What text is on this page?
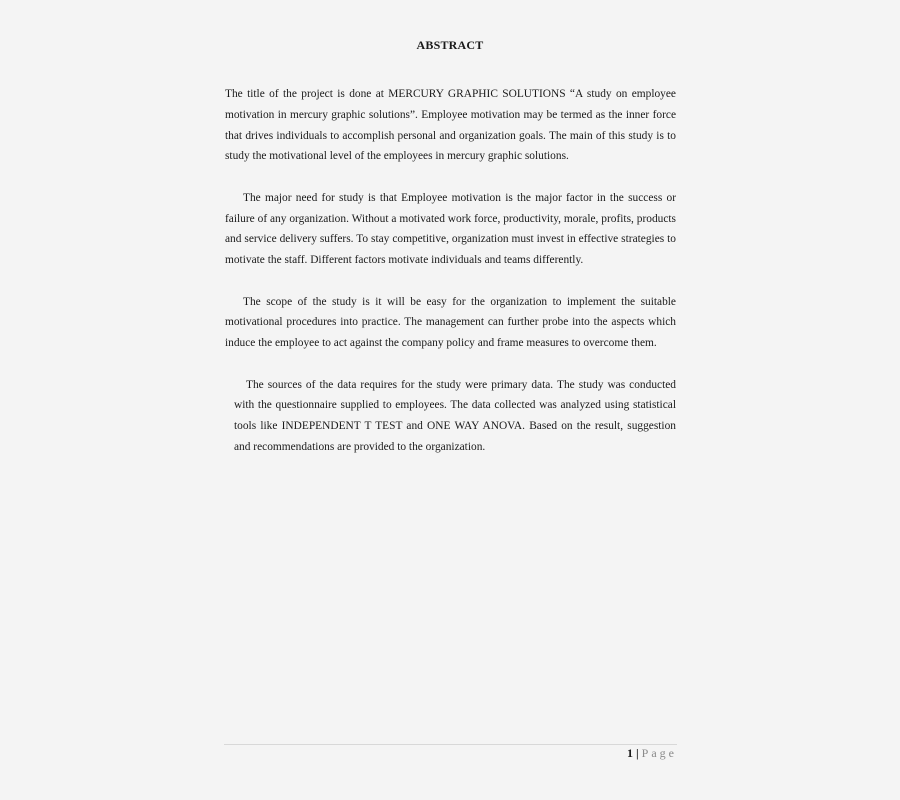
ABSTRACT

The title of the project is done at MERCURY GRAPHIC SOLUTIONS “A study on employee motivation in mercury graphic solutions”. Employee motivation may be termed as the inner force that drives individuals to accomplish personal and organization goals. The main of this study is to study the motivational level of the employees in mercury graphic solutions.

The major need for study is that Employee motivation is the major factor in the success or failure of any organization. Without a motivated work force, productivity, morale, profits, products and service delivery suffers. To stay competitive, organization must invest in effective strategies to motivate the staff. Different factors motivate individuals and teams differently.

The scope of the study is it will be easy for the organization to implement the suitable motivational procedures into practice. The management can further probe into the aspects which induce the employee to act against the company policy and frame measures to overcome them.

The sources of the data requires for the study were primary data. The study was conducted with the questionnaire supplied to employees. The data collected was analyzed using statistical tools like INDEPENDENT T TEST and ONE WAY ANOVA. Based on the result, suggestion and recommendations are provided to the organization.

1 | Page
